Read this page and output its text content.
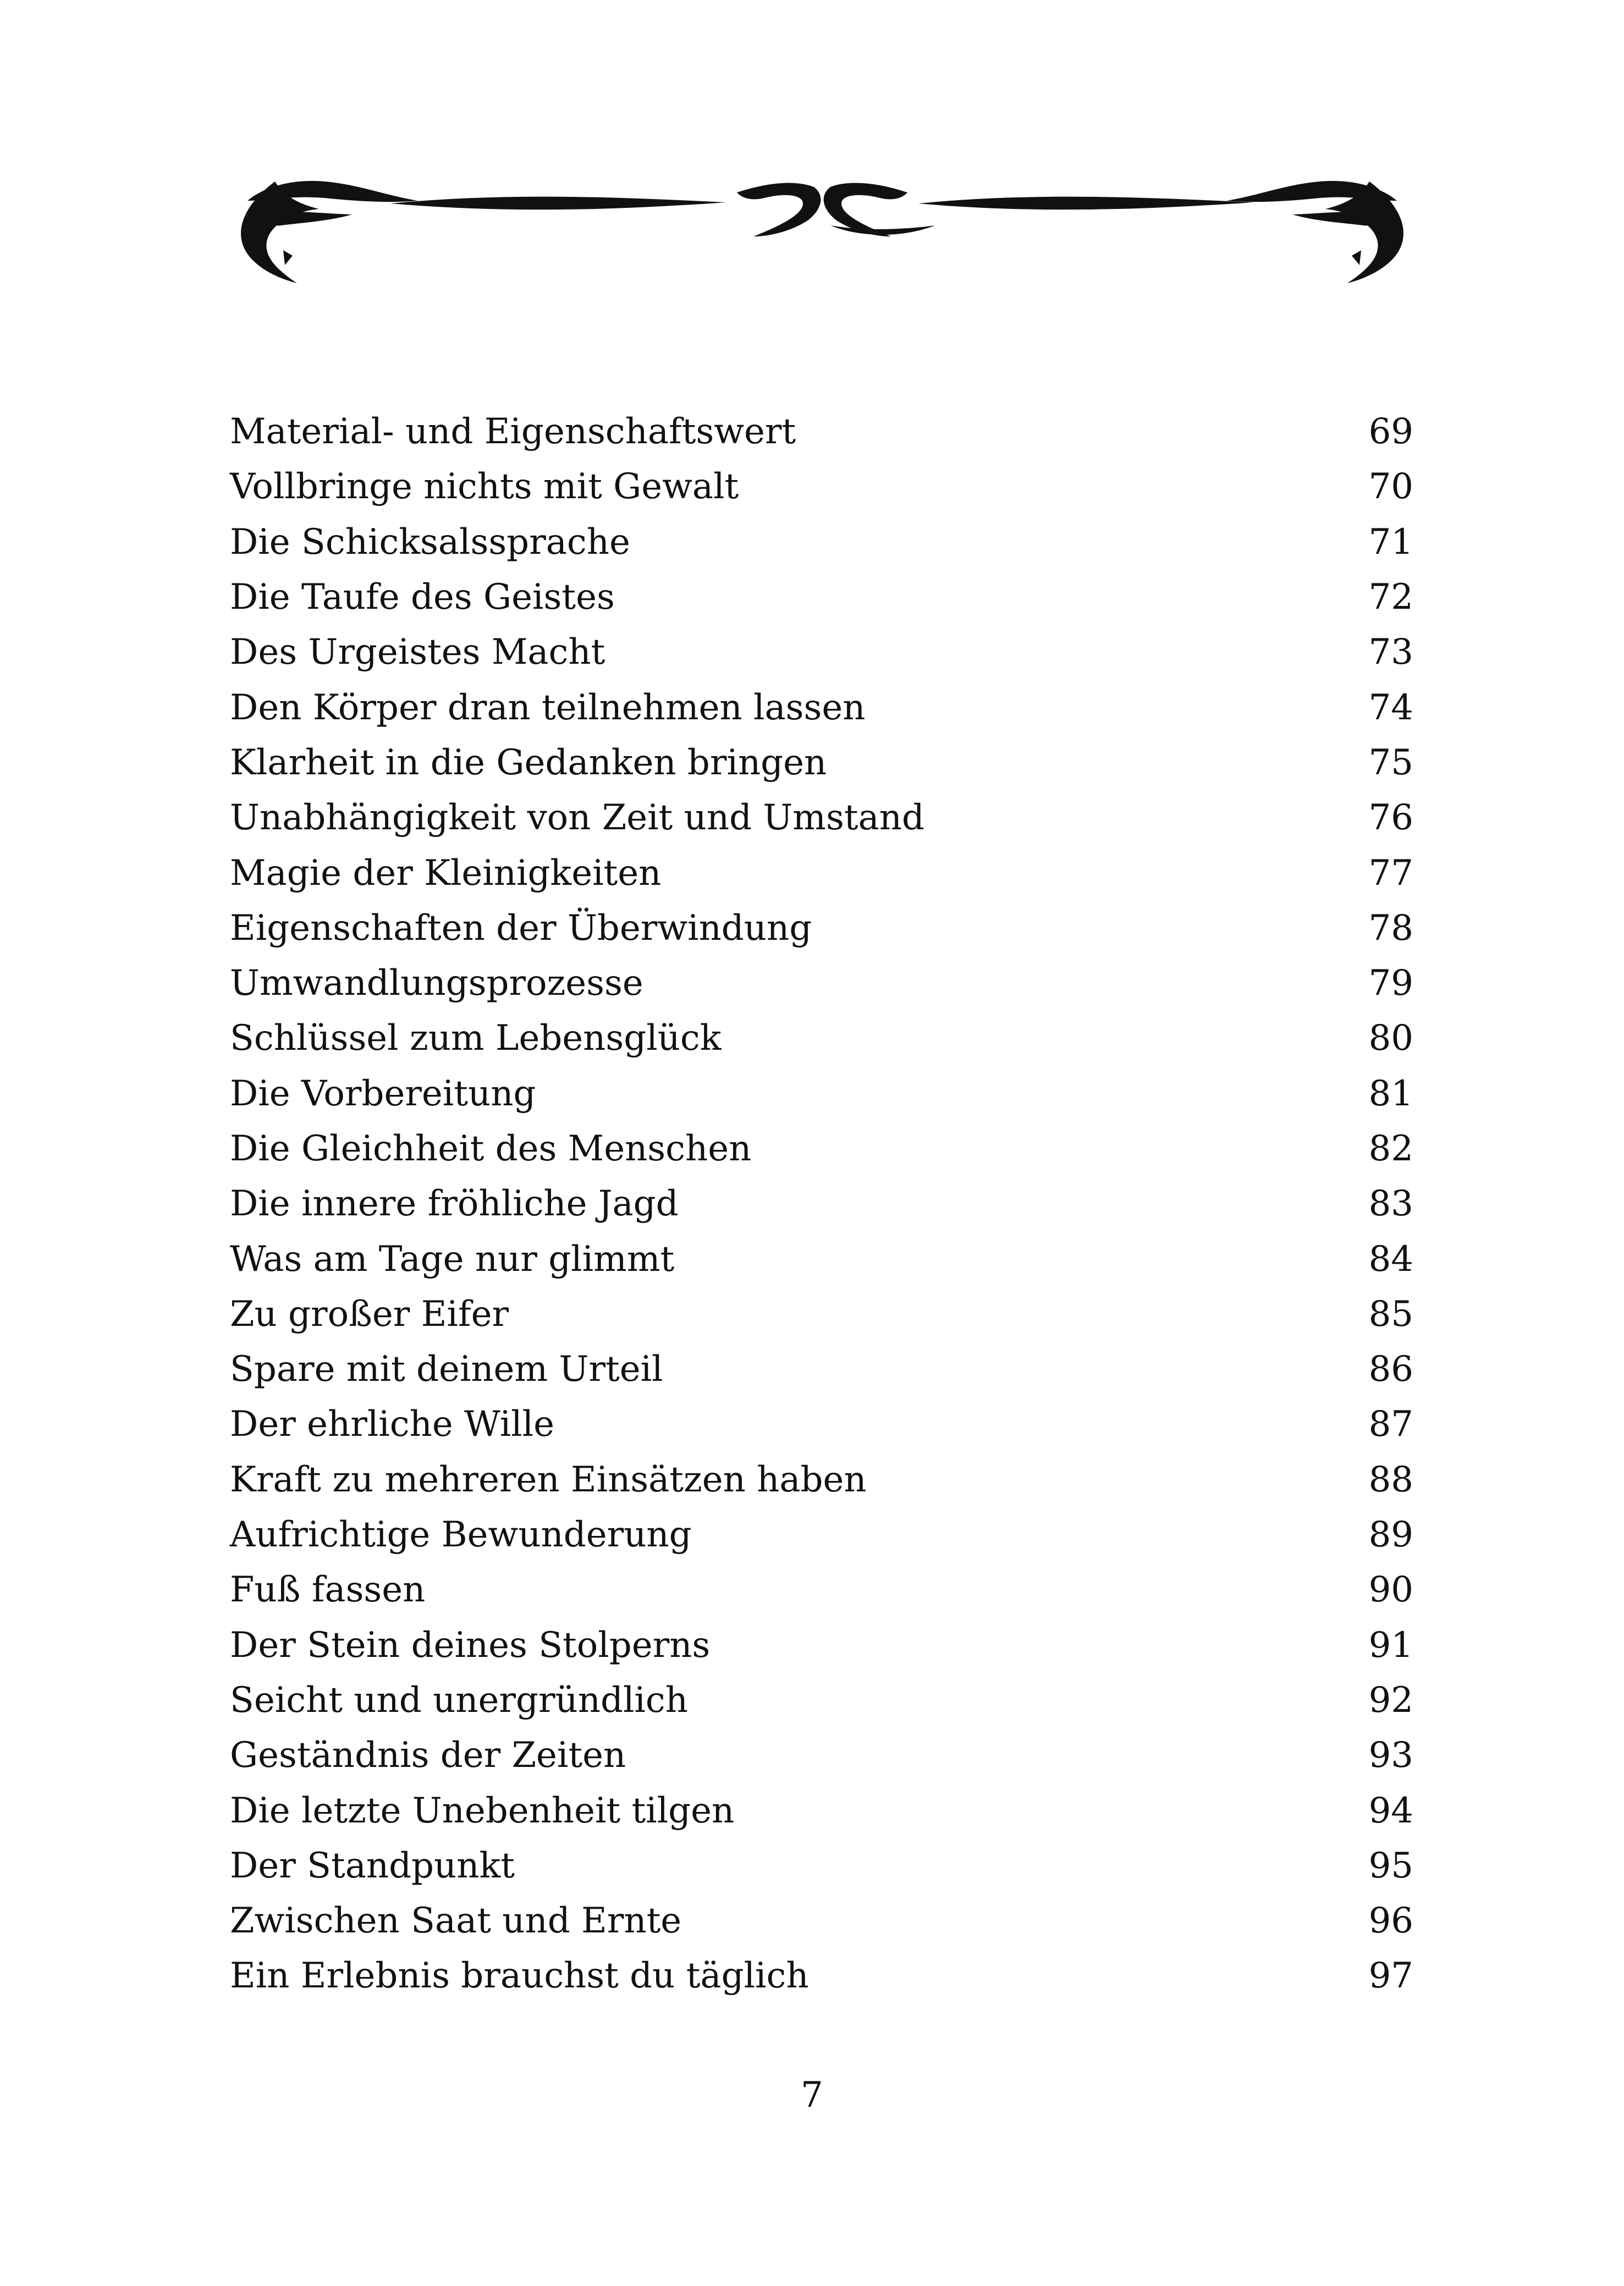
Material- und Eigenschaftswert	69
Vollbringe nichts mit Gewalt	70
Die Schicksalssprache	71
Die Taufe des Geistes	72
Des Urgeistes Macht	73
Den Körper dran teilnehmen lassen	74
Klarheit in die Gedanken bringen	75
Unabhängigkeit von Zeit und Umstand	76
Magie der Kleinigkeiten	77
Eigenschaften der Überwindung	78
Umwandlungsprozesse	79
Schlüssel zum Lebensglück	80
Die Vorbereitung	81
Die Gleichheit des Menschen	82
Die innere fröhliche Jagd	83
Was am Tage nur glimmt	84
Zu großer Eifer	85
Spare mit deinem Urteil	86
Der ehrliche Wille	87
Kraft zu mehreren Einsätzen haben	88
Aufrichtige Bewunderung	89
Fuß fassen	90
Der Stein deines Stolperns	91
Seicht und unergründlich	92
Geständnis der Zeiten	93
Die letzte Unebenheit tilgen	94
Der Standpunkt	95
Zwischen Saat und Ernte	96
Ein Erlebnis brauchst du täglich	97
7
